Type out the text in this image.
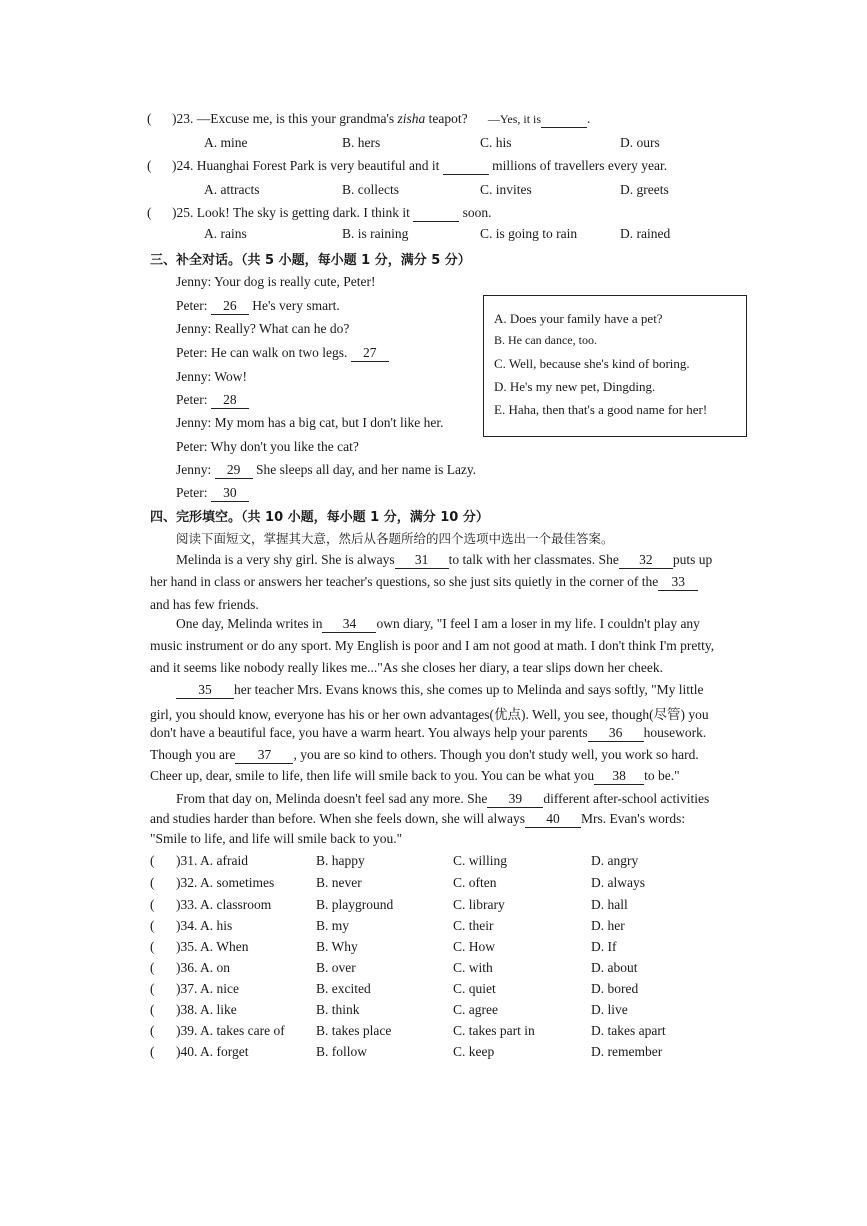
( )23. —Excuse me, is this your grandma's zisha teapot? —Yes, it is	.
A. mine	B. hers	C. his	D. ours
( )24. Huanghai Forest Park is very beautiful and it	millions of travellers every year.
A. attracts	B. collects	C. invites	D. greets
( )25. Look! The sky is getting dark. I think it	soon.
A. rains	B. is raining	C. is going to rain	D. rained
三、补全对话。（共 5 小题，每小题 1 分，满分 5 分）
Jenny: Your dog is really cute, Peter!
Peter: 26 He's very smart.
Jenny: Really? What can he do?
Peter: He can walk on two legs. 27
Jenny: Wow!
Peter: 28
Jenny: My mom has a big cat, but I don't like her.
Peter: Why don't you like the cat?
Jenny: 29 She sleeps all day, and her name is Lazy.
Peter: 30
A. Does your family have a pet?
B. He can dance, too.
C. Well, because she's kind of boring.
D. He's my new pet, Dingding.
E. Haha, then that's a good name for her!
四、完形填空。（共 10 小题，每小题 1 分，满分 10 分）
阅读下面短文，掌握其大意，然后从各题所给的四个选项中选出一个最佳答案。
Melinda is a very shy girl. She is always 31 to talk with her classmates. She 32 puts up
her hand in class or answers her teacher's questions, so she just sits quietly in the corner of the 33
and has few friends.
One day, Melinda writes in 34 own diary, "I feel I am a loser in my life. I couldn't play any
music instrument or do any sport. My English is poor and I am not good at math. I don't think I'm pretty,
and it seems like nobody really likes me..."As she closes her diary, a tear slips down her cheek.
35 her teacher Mrs. Evans knows this, she comes up to Melinda and says softly, "My little
girl, you should know, everyone has his or her own advantages(优点). Well, you see, though(尽管) you
don't have a beautiful face, you have a warm heart. You always help your parents 36 housework.
Though you are 37 , you are so kind to others. Though you don't study well, you work so hard.
Cheer up, dear, smile to life, then life will smile back to you. You can be what you 38 to be."
From that day on, Melinda doesn't feel sad any more. She 39 different after-school activities
and studies harder than before. When she feels down, she will always 40 Mrs. Evan's words:
"Smile to life, and life will smile back to you."
( )31. A. afraid	B. happy	C. willing	D. angry
( )32. A. sometimes	B. never	C. often	D. always
( )33. A. classroom	B. playground	C. library	D. hall
( )34. A. his	B. my	C. their	D. her
( )35. A. When	B. Why	C. How	D. If
( )36. A. on	B. over	C. with	D. about
( )37. A. nice	B. excited	C. quiet	D. bored
( )38. A. like	B. think	C. agree	D. live
( )39. A. takes care of B. takes place	C. takes part in	D. takes apart
( )40. A. forget	B. follow	C. keep	D. remember
